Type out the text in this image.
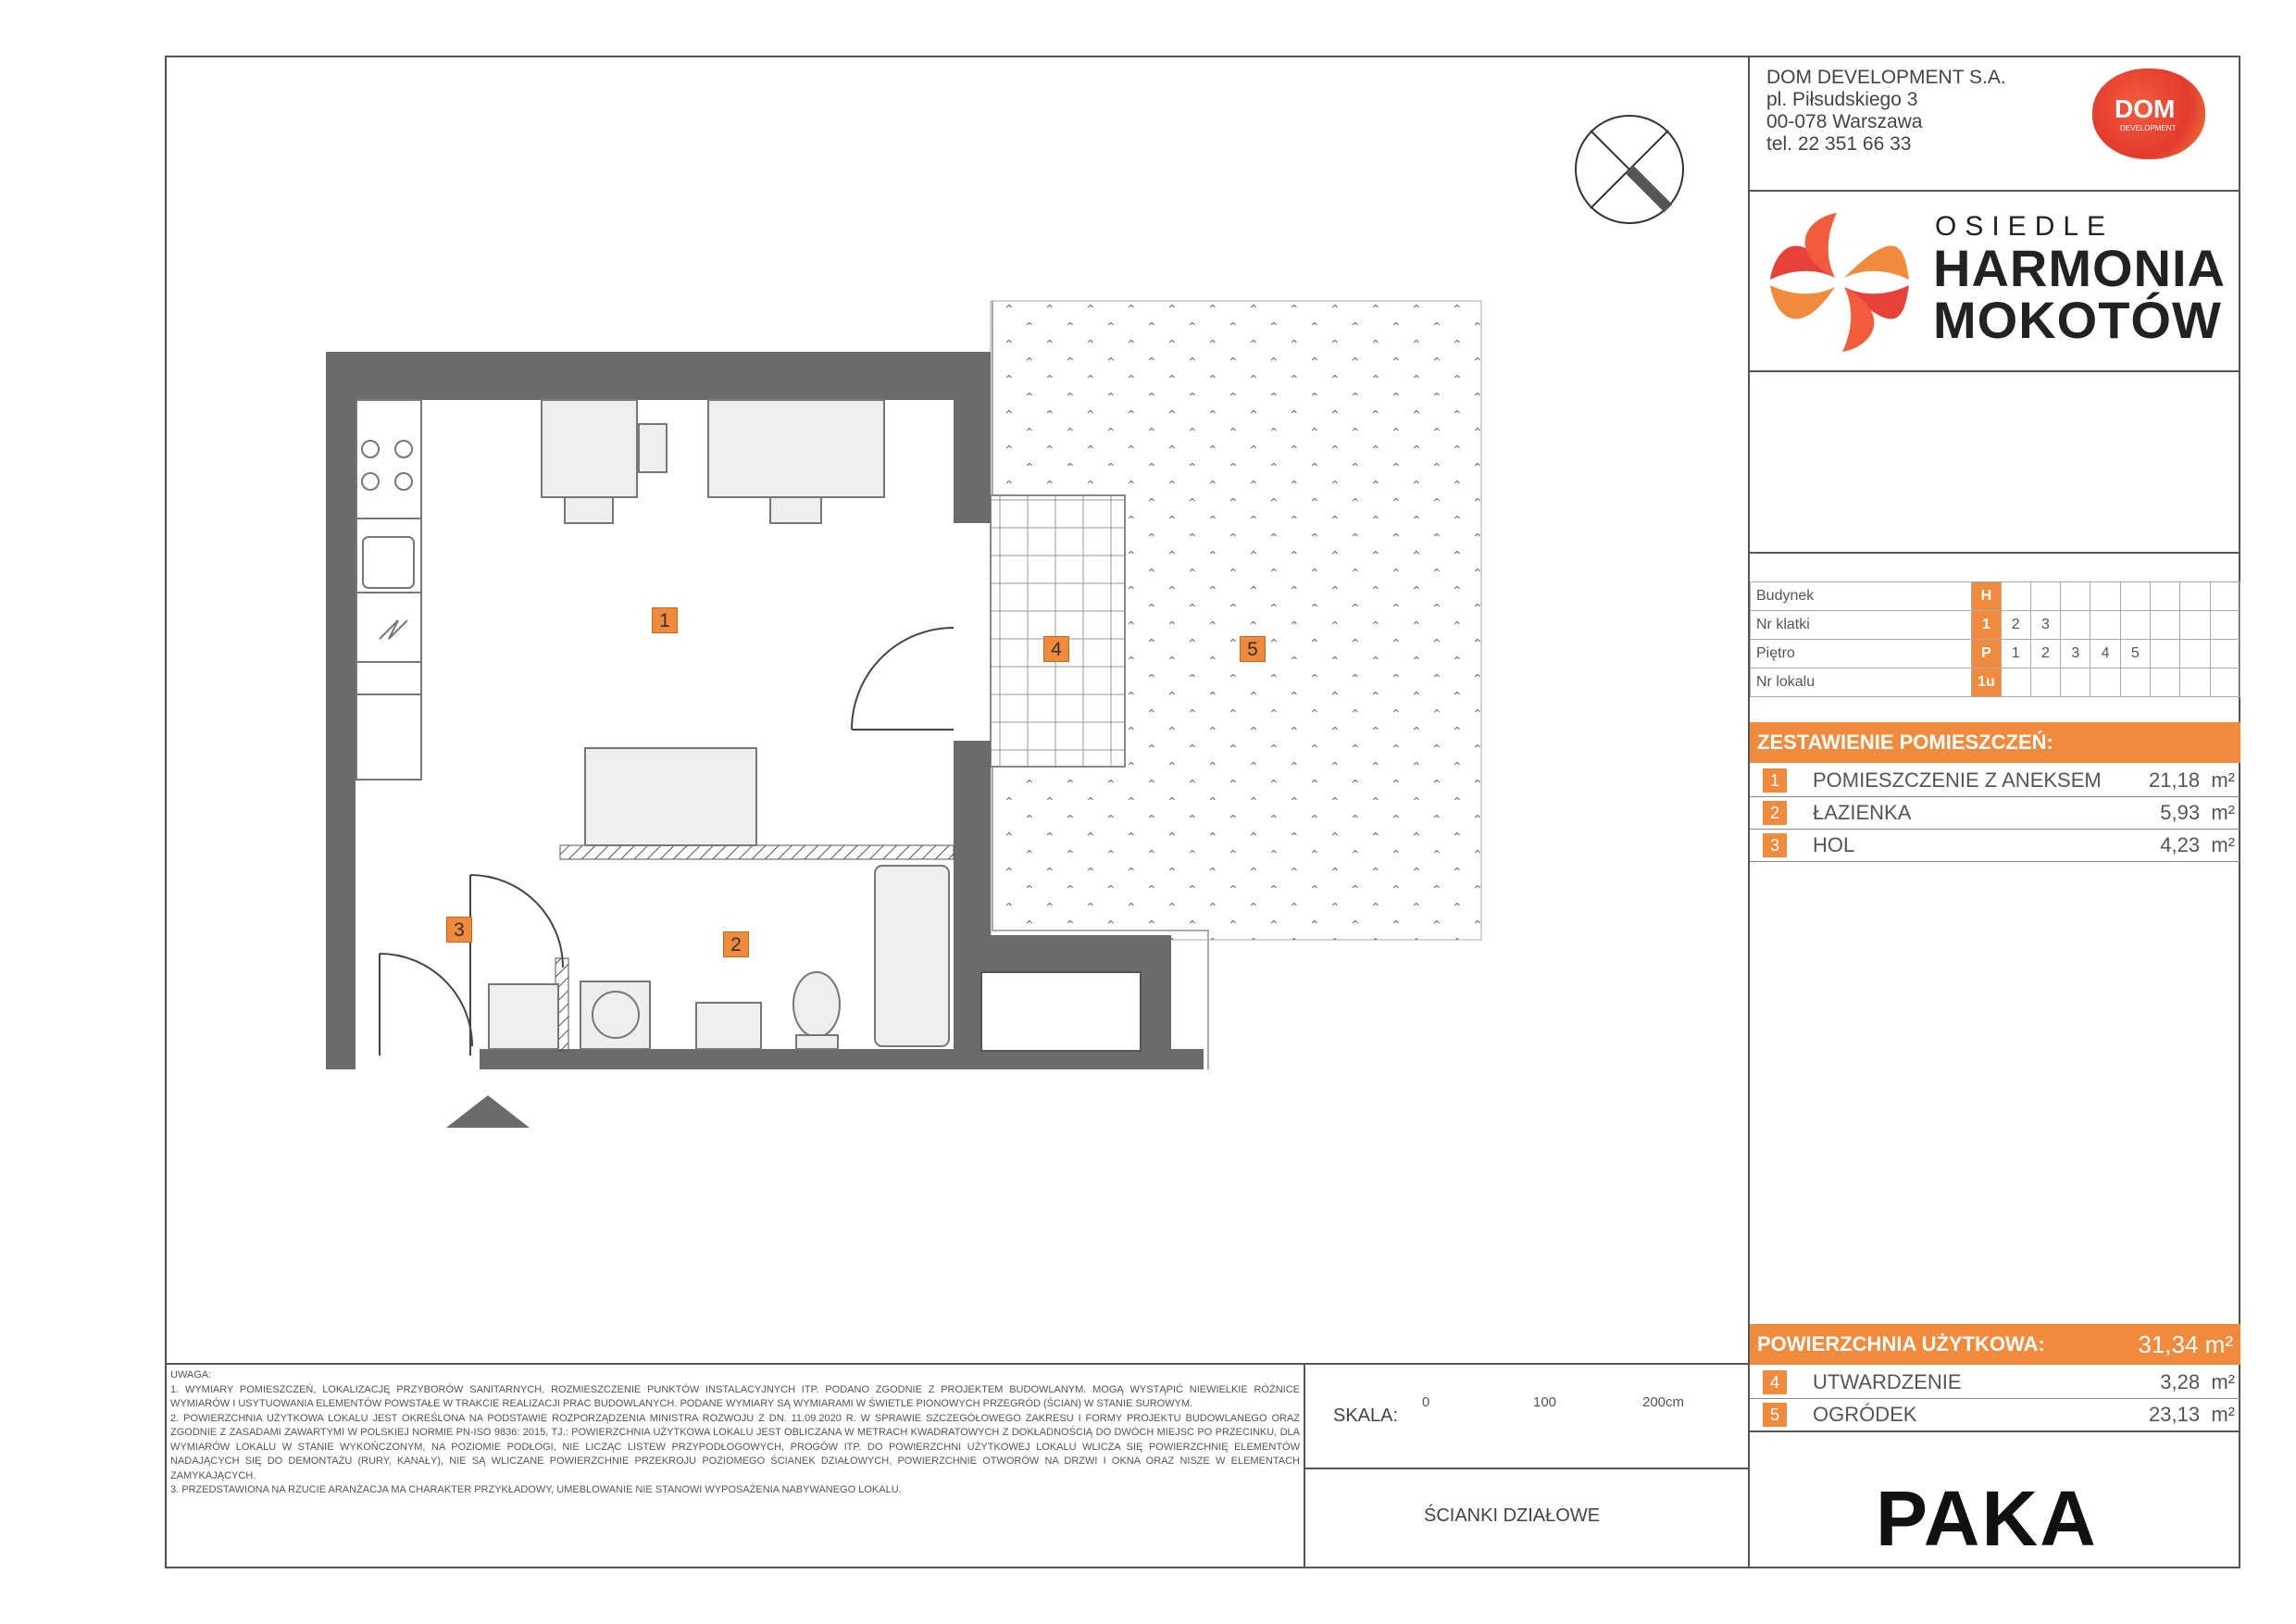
1
2
3
4	5
DOM DEVELOPMENT S.A.
pl. Piłsudskiego 3
00-078 Warszawa
tel. 22 351 66 33
DOM
DEVELOPMENT
OSIEDLE
HARMONIA
MOKOTÓW
Budynek	H								
Nr klatki	1	2	3						
Piętro	P	1	2	3	4	5			
Nr lokalu	1u								
ZESTAWIENIE POMIESZCZEŃ:
1	POMIESZCZENIE Z ANEKSEM 21,18 m²
2	ŁAZIENKA	5,93 m²
3	HOL	4,23 m²
POWIERZCHNIA UŻYTKOWA:	31,34 m²
4	UTWARDZENIE	3,28 m²
5	OGRÓDEK	23,13 m²

UWAGA:

1. WYMIARY POMIESZCZEŃ, LOKALIZACJĘ PRZYBORÓW SANITARNYCH, ROZMIESZCZENIE PUNKTÓW INSTALACYJNYCH ITP. PODANO ZGODNIE Z PROJEKTEM BUDOWLANYM. MOGĄ WYSTĄPIĆ NIEWIELKIE RÓŻNICE WYMIARÓW I USYTUOWANIA ELEMENTÓW POWSTAŁE W TRAKCIE REALIZACJI PRAC BUDOWLANYCH. PODANE WYMIARY SĄ WYMIARAMI W ŚWIETLE PIONOWYCH PRZEGRÓD (ŚCIAN) W STANIE SUROWYM.

2. POWIERZCHNIA UŻYTKOWA LOKALU JEST OKREŚLONA NA PODSTAWIE ROZPORZĄDZENIA MINISTRA ROZWOJU Z DN. 11.09.2020 R. W SPRAWIE SZCZEGÓŁOWEGO ZAKRESU I FORMY PROJEKTU BUDOWLANEGO ORAZ ZGODNIE Z ZASADAMI ZAWARTYMI W POLSKIEJ NORMIE PN-ISO 9836: 2015, TJ.: POWIERZCHNIA UŻYTKOWA LOKALU JEST OBLICZANA W METRACH KWADRATOWYCH Z DOKŁADNOŚCIĄ DO DWÓCH MIEJSC PO PRZECINKU, DLA WYMIARÓW LOKALU W STANIE WYKOŃCZONYM, NA POZIOMIE PODŁOGI, NIE LICZĄC LISTEW PRZYPODŁOGOWYCH, PROGÓW ITP. DO POWIERZCHNI UŻYTKOWEJ LOKALU WLICZA SIĘ POWIERZCHNIĘ ELEMENTÓW NADAJĄCYCH SIĘ DO DEMONTAŻU (RURY, KANAŁY), NIE SĄ WLICZANE POWIERZCHNIE PRZEKROJU POZIOMEGO ŚCIANEK DZIAŁOWYCH, POWIERZCHNIE OTWORÓW NA DRZWI I OKNA ORAZ NISZE W ELEMENTACH ZAMYKAJĄCYCH.

3. PRZEDSTAWIONA NA RZUCIE ARANŻACJA MA CHARAKTER PRZYKŁADOWY, UMEBLOWANIE NIE STANOWI WYPOSAŻENIA NABYWANEGO LOKALU.

SKALA:
0	100	200cm
ŚCIANKI DZIAŁOWE	PAKA
